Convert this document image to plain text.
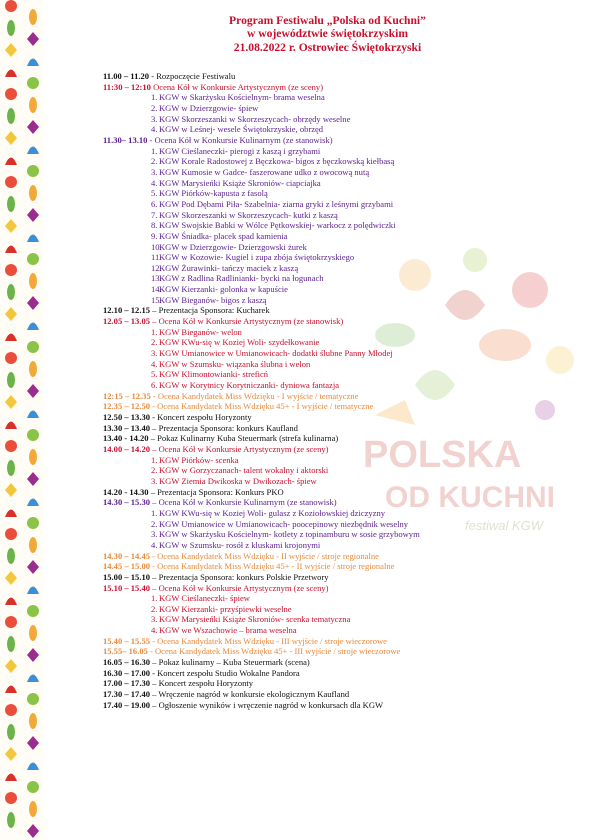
POLSKA
OD KUCHNI
festiwal KGW
Program Festiwalu „Polska od Kuchni”
w województwie świętokrzyskim
21.08.2022 r. Ostrowiec Świętokrzyski
11.00 – 11.20 - Rozpoczęcie Festiwalu
11:30 – 12:10 Ocena Kół w Konkursie Artystycznym (ze sceny)
1. KGW w Skarżysku Kościelnym- brama weselna
2. KGW w Dzierzgowie- śpiew
3. KGW Skorzeszanki w Skorzeszycach- obrzędy weselne
4. KGW w Leśnej- wesele Świętokrzyskie, obrzęd
11.30– 13.10 - Ocena Kół w Konkursie Kulinarnym (ze stanowisk)
1. KGW Cieślaneczki- pierogi z kaszą i grzybami
2. KGW Korale Radostowej z Bęczkowa- bigos z bęczkowską kiełbasą
3. KGW Kumosie w Gadce- faszerowane udko z owocową nutą
4. KGW Marysieńki Książe Skroniów- ciapciajka
5. KGW Piórków-kapusta z fasolą
6. KGW Pod Dębami Piła- Szabelnia- ziarna gryki z leśnymi grzybami
7. KGW Skorzeszanki w Skorzeszycach- kutki z kaszą
8. KGW Swojskie Babki w Wólce Pętkowskiej- warkocz z polędwiczki
9. KGW Śniadka- placek spad kamienia
10.
KGW w Dzierzgowie- Dzierzgowski żurek
11.
KGW w Kozowie- Kugiel i zupa zbója świętokrzyskiego
12.
KGW Żurawinki- tańczy maciek z kaszą
13.
KGW z Radlina Radlinianki- bycki na łogunach
14.
KGW Kierzanki- golonka w kapuście
15.
KGW Bieganów- bigos z kaszą
12.10 – 12.15 – Prezentacja Sponsora: Kucharek
12.05 – 13.05 – Ocena Kół w Konkursie Artystycznym (ze stanowisk)
1. KGW Bieganów- welon
2. KGW KWu-się w Koziej Woli- szydełkowanie
3. KGW Umianowice w Umianowicach- dodatki ślubne Panny Młodej
4. KGW w Szumsku- wiązanka ślubna i welon
5. KGW Klimontowianki- streficń
6. KGW w Korytnicy Korytniczanki- dyniowa fantazja
12:15 – 12.35 - Ocena Kandydatek Miss Wdzięku - I wyjście / tematyczne
12.35 – 12.50 - Ocena Kandydatek Miss Wdzięku 45+ - I wyjście / tematyczne
12.50 – 13.30 - Koncert zespołu Horyzonty
13.30 – 13.40 – Prezentacja Sponsora: konkurs Kaufland
13.40 - 14.20 – Pokaz Kulinarny Kuba Steuermark (strefa kulinarna)
14.00 – 14.20 – Ocena Kół w Konkursie Artystycznym (ze sceny)
1. KGW Piórków- scenka
2. KGW w Gorzyczanach- talent wokalny i aktorski
3. KGW Ziemia Dwikoska w Dwikozach- śpiew
14.20 - 14.30 – Prezentacja Sponsora: Konkurs PKO
14.30 – 15.30 – Ocena Kół w Konkursie Kulinarnym (ze stanowisk)
1. KGW KWu-się w Koziej Woli- gulasz z Koziołowskiej dziczyzny
2. KGW Umianowice w Umianowicach- poocepinowy niezbędnik weselny
3. KGW w Skarżysku Kościelnym- kotlety z topinamburu w sosie grzybowym
4. KGW w Szumsku- rosół z kluskami krojonymi
14.30 – 14.45 - Ocena Kandydatek Miss Wdzięku - II wyjście / stroje regionalne
14.45 – 15.00 - Ocena Kandydatek Miss Wdzięku 45+ - II wyjście / stroje regionalne
15.00 – 15.10 – Prezentacja Sponsora: konkurs Polskie Przetwory
15.10 – 15.40 – Ocena Kół w Konkursie Artystycznym (ze sceny)
1. KGW Cieślaneczki- śpiew
2. KGW Kierzanki- przyśpiewki weselne
3. KGW Marysieńki Książe Skroniów- scenka tematyczna
4. KGW we Wszachowie – brama weselna
15.40 – 15.55 - Ocena Kandydatek Miss Wdzięku - III wyjście / stroje wieczorowe
15.55– 16.05 - Ocena Kandydatek Miss Wdzięku 45+ - III wyjście / stroje wieczorowe
16.05 – 16.30 – Pokaz kulinarny – Kuba Steuermark (scena)
16.30 – 17.00 - Koncert zespołu Studio Wokalne Pandora
17.00 – 17.30 – Koncert zespołu Horyzonty
17.30 – 17.40 – Wręczenie nagród w konkursie ekologicznym Kaufland
17.40 – 19.00 – Ogłoszenie wyników i wręczenie nagród w konkursach dla KGW
